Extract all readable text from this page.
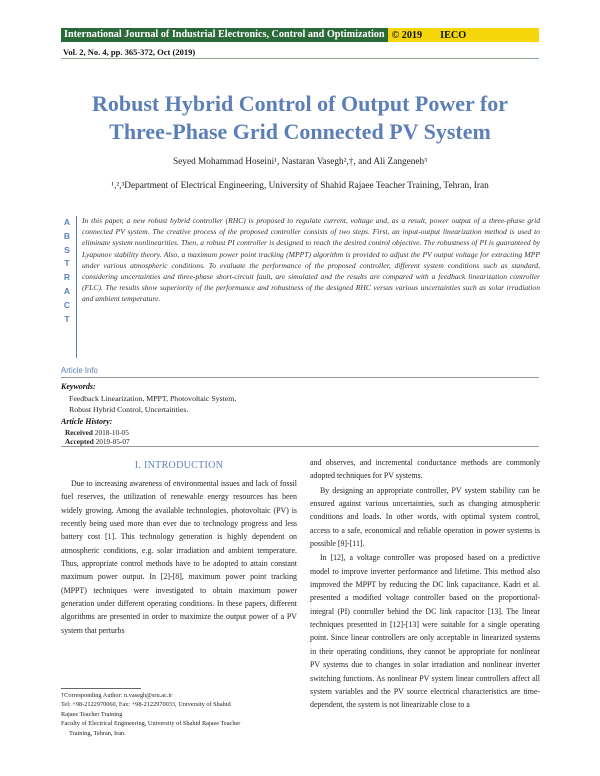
International Journal of Industrial Electronics, Control and Optimization © 2019 IECO
Vol. 2, No. 4, pp. 365-372, Oct (2019)
Robust Hybrid Control of Output Power for
Three-Phase Grid Connected PV System
Seyed Mohammad Hoseini¹, Nastaran Vasegh²,†, and Ali Zangeneh³
¹,²,³Department of Electrical Engineering, University of Shahid Rajaee Teacher Training, Tehran, Iran
A
B
S
T
R
A
C
T
In this paper, a new robust hybrid controller (RHC) is proposed to regulate current, voltage and, as a result, power output of a three-phase grid connected PV system. The creative process of the proposed controller consists of two steps. First, an input-output linearization method is used to eliminate system nonlinearities. Then, a robust PI controller is designed to reach the desired control objective. The robustness of PI is guaranteed by Lyapunov stability theory. Also, a maximum power point tracking (MPPT) algorithm is provided to adjust the PV output voltage for extracting MPP under various atmospheric conditions. To evaluate the performance of the proposed controller, different system conditions such as standard, considering uncertainties and three-phase short-circuit fault, are simulated and the results are compared with a feedback linearization controller (FLC). The results show superiority of the performance and robustness of the designed RHC versus various uncertainties such as solar irradiation and ambient temperature.
Article Info
Keywords:
Feedback Linearization, MPPT, Photovoltaic System,
Robust Hybrid Control, Uncertainties.
Article History:
Received 2018-10-05
Accepted 2019-05-07
I. INTRODUCTION

Due to increasing awareness of environmental issues and lack of fossil fuel reserves, the utilization of renewable energy resources has been widely growing. Among the available technologies, photovoltaic (PV) is recently being used more than ever due to technology progress and less battery cost [1]. This technology generation is highly dependent on atmospheric conditions, e.g. solar irradiation and ambient temperature. Thus, appropriate control methods have to be adopted to attain constant maximum power output. In [2]-[8], maximum power point tracking (MPPT) techniques were investigated to obtain maximum power generation under different operating conditions. In these papers, different algorithms are presented in order to maximize the output power of a PV system that perturbs

and observes, and incremental conductance methods are commonly adopted techniques for PV systems.

By designing an appropriate controller, PV system stability can be ensured against various uncertainties, such as changing atmospheric conditions and loads. In other words, with optimal system control, access to a safe, economical and reliable operation in power systems is possible [9]-[11].

In [12], a voltage controller was proposed based on a predictive model to improve inverter performance and lifetime. This method also improved the MPPT by reducing the DC link capacitance. Kadri et al. presented a modified voltage controller based on the proportional-integral (PI) controller behind the DC link capacitor [13]. The linear techniques presented in [12]-[13] were suitable for a single operating point. Since linear controllers are only acceptable in linearized systems in their operating conditions, they cannot be appropriate for nonlinear PV systems due to changes in solar irradiation and nonlinear inverter switching functions. As nonlinear PV system linear controllers affect all system variables and the PV source electrical characteristics are time-dependent, the system is not linearizable close to a

†Corresponding Author: n.vasegh@sru.ac.ir

Tel: +98-2122970060, Fax: +98-2122970033, University of Shahid

Rajaee Teacher Training

Faculty of Electrical Engineering, University of Shahid Rajaee Teacher

Training, Tehran, Iran.
